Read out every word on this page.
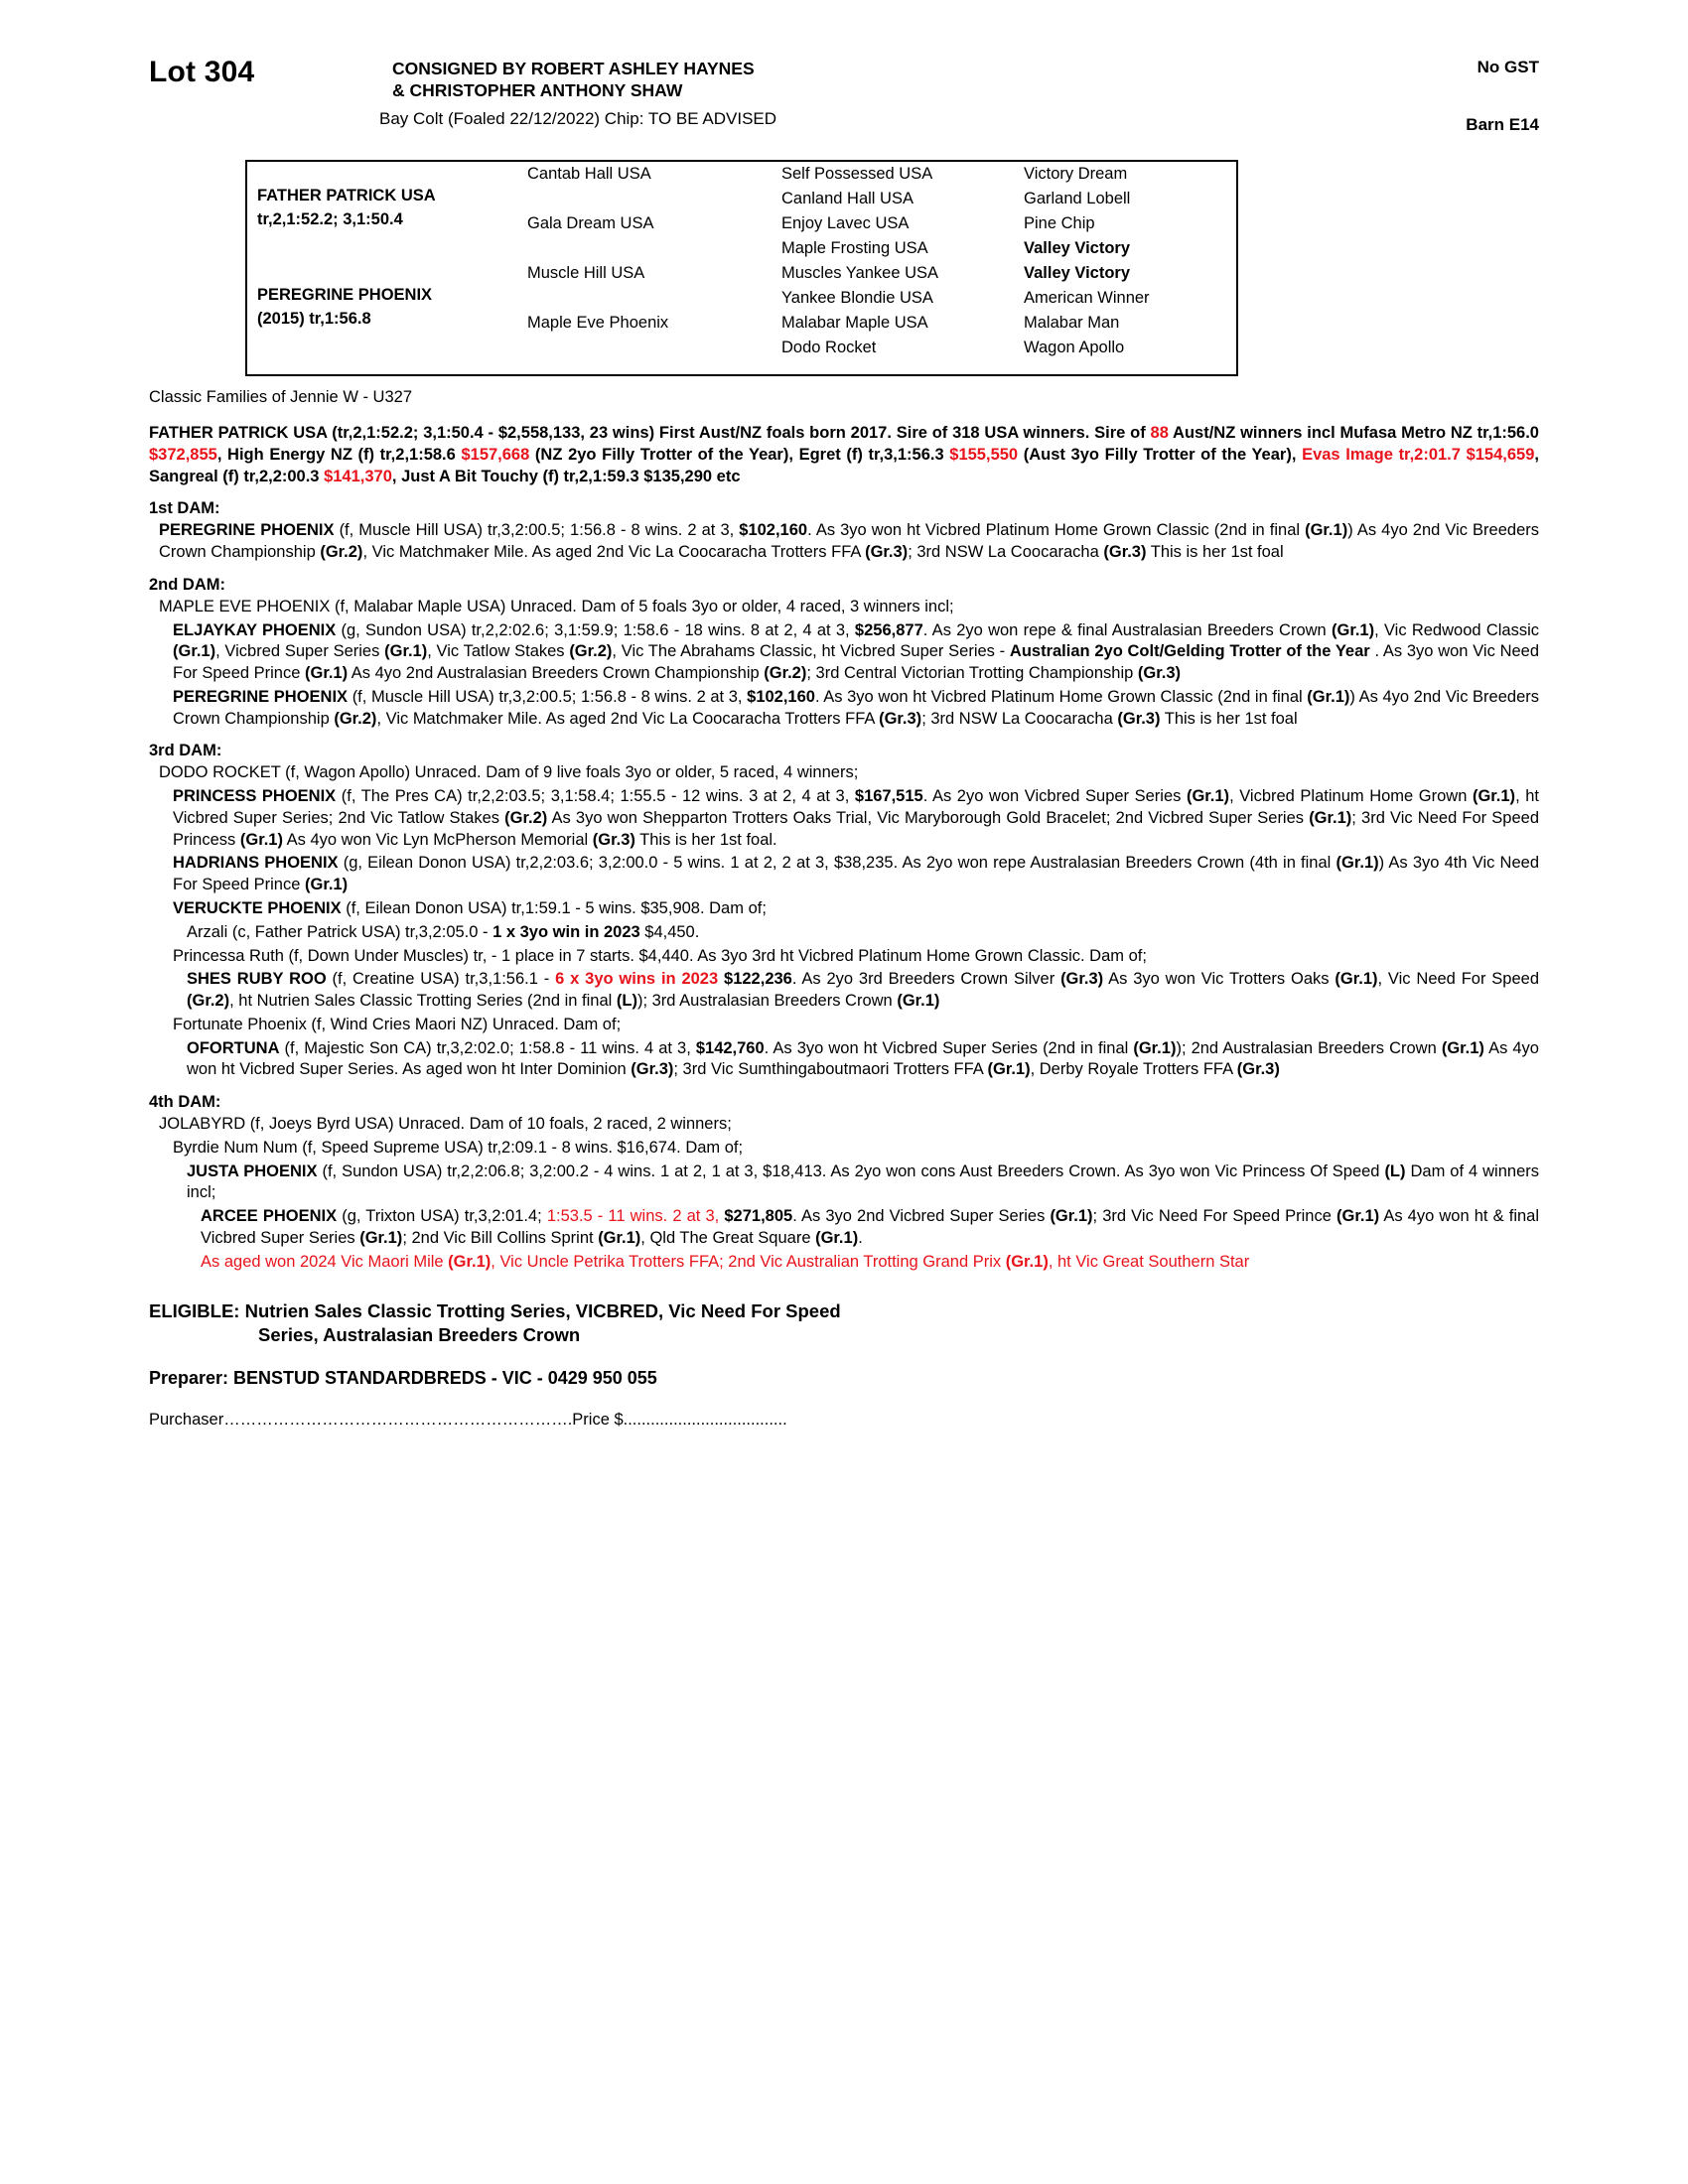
Lot 304	CONSIGNED BY ROBERT ASHLEY HAYNES
& CHRISTOPHER ANTHONY SHAW
Bay Colt (Foaled 22/12/2022) Chip: TO BE ADVISED
No GST
Barn E14
FATHER PATRICK USA
tr,2,1:52.2; 3,1:50.4
PEREGRINE PHOENIX
(2015) tr,1:56.8
Cantab Hall USA
Gala Dream USA
Muscle Hill USA
Maple Eve Phoenix
Self Possessed USA
Canland Hall USA
Enjoy Lavec USA
Maple Frosting USA
Muscles Yankee USA
Yankee Blondie USA
Malabar Maple USA
Dodo Rocket
Victory Dream
Garland Lobell
Pine Chip
Valley Victory
Valley Victory
American Winner
Malabar Man
Wagon Apollo
Classic Families of Jennie W - U327
FATHER PATRICK USA (tr,2,1:52.2; 3,1:50.4 - $2,558,133, 23 wins) First Aust/NZ foals born 2017. Sire of 318 USA winners. Sire of 88 Aust/NZ winners incl Mufasa Metro NZ tr,1:56.0 $372,855, High Energy NZ (f) tr,2,1:58.6 $157,668 (NZ 2yo Filly Trotter of the Year), Egret (f) tr,3,1:56.3 $155,550 (Aust 3yo Filly Trotter of the Year), Evas Image tr,2:01.7 $154,659, Sangreal (f) tr,2,2:00.3 $141,370, Just A Bit Touchy (f) tr,2,1:59.3 $135,290 etc
1st DAM:
PEREGRINE PHOENIX (f, Muscle Hill USA) tr,3,2:00.5; 1:56.8 - 8 wins. 2 at 3, $102,160. As 3yo won ht Vicbred Platinum Home Grown Classic (2nd in final (Gr.1)) As 4yo 2nd Vic Breeders Crown Championship (Gr.2), Vic Matchmaker Mile. As aged 2nd Vic La Coocaracha Trotters FFA (Gr.3); 3rd NSW La Coocaracha (Gr.3) This is her 1st foal
2nd DAM:
MAPLE EVE PHOENIX (f, Malabar Maple USA) Unraced. Dam of 5 foals 3yo or older, 4 raced, 3 winners incl;
ELJAYKAY PHOENIX (g, Sundon USA) tr,2,2:02.6; 3,1:59.9; 1:58.6 - 18 wins. 8 at 2, 4 at 3, $256,877. As 2yo won repe & final Australasian Breeders Crown (Gr.1), Vic Redwood Classic (Gr.1), Vicbred Super Series (Gr.1), Vic Tatlow Stakes (Gr.2), Vic The Abrahams Classic, ht Vicbred Super Series - Australian 2yo Colt/Gelding Trotter of the Year . As 3yo won Vic Need For Speed Prince (Gr.1) As 4yo 2nd Australasian Breeders Crown Championship (Gr.2); 3rd Central Victorian Trotting Championship (Gr.3)
PEREGRINE PHOENIX (f, Muscle Hill USA) tr,3,2:00.5; 1:56.8 - 8 wins. 2 at 3, $102,160. As 3yo won ht Vicbred Platinum Home Grown Classic (2nd in final (Gr.1)) As 4yo 2nd Vic Breeders Crown Championship (Gr.2), Vic Matchmaker Mile. As aged 2nd Vic La Coocaracha Trotters FFA (Gr.3); 3rd NSW La Coocaracha (Gr.3) This is her 1st foal
3rd DAM:
DODO ROCKET (f, Wagon Apollo) Unraced. Dam of 9 live foals 3yo or older, 5 raced, 4 winners;
PRINCESS PHOENIX (f, The Pres CA) tr,2,2:03.5; 3,1:58.4; 1:55.5 - 12 wins. 3 at 2, 4 at 3, $167,515. As 2yo won Vicbred Super Series (Gr.1), Vicbred Platinum Home Grown (Gr.1), ht Vicbred Super Series; 2nd Vic Tatlow Stakes (Gr.2) As 3yo won Shepparton Trotters Oaks Trial, Vic Maryborough Gold Bracelet; 2nd Vicbred Super Series (Gr.1); 3rd Vic Need For Speed Princess (Gr.1) As 4yo won Vic Lyn McPherson Memorial (Gr.3) This is her 1st foal.
HADRIANS PHOENIX (g, Eilean Donon USA) tr,2,2:03.6; 3,2:00.0 - 5 wins. 1 at 2, 2 at 3, $38,235. As 2yo won repe Australasian Breeders Crown (4th in final (Gr.1)) As 3yo 4th Vic Need For Speed Prince (Gr.1)
VERUCKTE PHOENIX (f, Eilean Donon USA) tr,1:59.1 - 5 wins. $35,908. Dam of;
Arzali (c, Father Patrick USA) tr,3,2:05.0 - 1 x 3yo win in 2023 $4,450.
Princessa Ruth (f, Down Under Muscles) tr, - 1 place in 7 starts. $4,440. As 3yo 3rd ht Vicbred Platinum Home Grown Classic. Dam of;
SHES RUBY ROO (f, Creatine USA) tr,3,1:56.1 - 6 x 3yo wins in 2023 $122,236. As 2yo 3rd Breeders Crown Silver (Gr.3) As 3yo won Vic Trotters Oaks (Gr.1), Vic Need For Speed (Gr.2), ht Nutrien Sales Classic Trotting Series (2nd in final (L)); 3rd Australasian Breeders Crown (Gr.1)
Fortunate Phoenix (f, Wind Cries Maori NZ) Unraced. Dam of;
OFORTUNA (f, Majestic Son CA) tr,3,2:02.0; 1:58.8 - 11 wins. 4 at 3, $142,760. As 3yo won ht Vicbred Super Series (2nd in final (Gr.1)); 2nd Australasian Breeders Crown (Gr.1) As 4yo won ht Vicbred Super Series. As aged won ht Inter Dominion (Gr.3); 3rd Vic Sumthingaboutmaori Trotters FFA (Gr.1), Derby Royale Trotters FFA (Gr.3)
4th DAM:
JOLABYRD (f, Joeys Byrd USA) Unraced. Dam of 10 foals, 2 raced, 2 winners;
Byrdie Num Num (f, Speed Supreme USA) tr,2:09.1 - 8 wins. $16,674. Dam of;
JUSTA PHOENIX (f, Sundon USA) tr,2,2:06.8; 3,2:00.2 - 4 wins. 1 at 2, 1 at 3, $18,413. As 2yo won cons Aust Breeders Crown. As 3yo won Vic Princess Of Speed (L) Dam of 4 winners incl;
ARCEE PHOENIX (g, Trixton USA) tr,3,2:01.4; 1:53.5 - 11 wins. 2 at 3, $271,805. As 3yo 2nd Vicbred Super Series (Gr.1); 3rd Vic Need For Speed Prince (Gr.1) As 4yo won ht & final Vicbred Super Series (Gr.1); 2nd Vic Bill Collins Sprint (Gr.1), Qld The Great Square (Gr.1).
As aged won 2024 Vic Maori Mile (Gr.1), Vic Uncle Petrika Trotters FFA; 2nd Vic Australian Trotting Grand Prix (Gr.1), ht Vic Great Southern Star
ELIGIBLE: Nutrien Sales Classic Trotting Series, VICBRED, Vic Need For Speed
Series, Australasian Breeders Crown
Preparer: BENSTUD STANDARDBREDS - VIC - 0429 950 055
Purchaser……………………………………………………….Price $....................................
